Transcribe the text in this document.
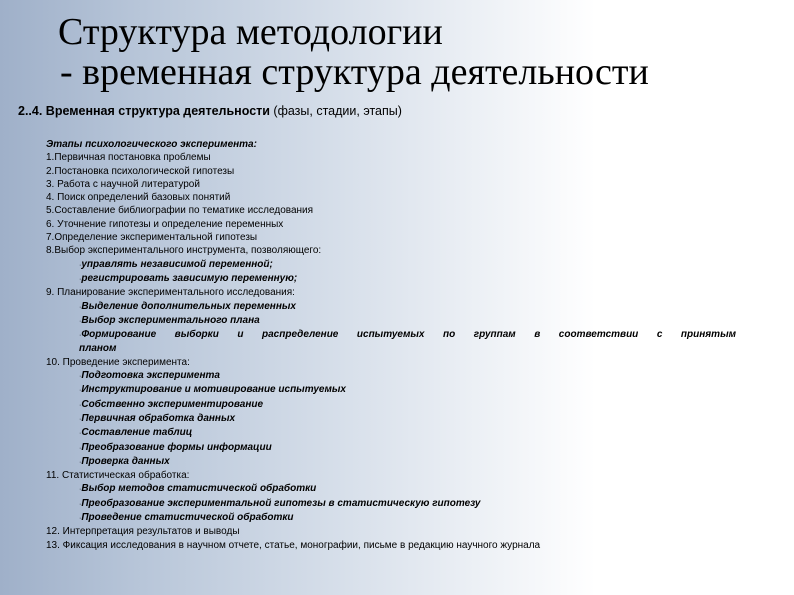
Структура методологии
- временная структура деятельности
2..4. Временная структура деятельности (фазы, стадии, этапы)
Этапы психологического эксперимента:
1.Первичная постановка проблемы
2.Постановка психологической гипотезы
3. Работа с научной литературой
4. Поиск определений базовых понятий
5.Составление библиографии по тематике исследования
6. Уточнение гипотезы и определение переменных
7.Определение экспериментальной гипотезы
8.Выбор экспериментального инструмента, позволяющего:
·управлять независимой переменной;
·регистрировать зависимую переменную;
9. Планирование экспериментального исследования:
·Выделение дополнительных переменных
·Выбор экспериментального плана
·Формирование выборки и распределение испытуемых по группам в соответствии с принятым
планом
10. Проведение эксперимента:
·Подготовка эксперимента
·Инструктирование и мотивирование испытуемых
·Собственно экспериментирование
·Первичная обработка данных
·Составление таблиц
·Преобразование формы информации
·Проверка данных
11. Статистическая обработка:
·Выбор методов статистической обработки
·Преобразование экспериментальной гипотезы в статистическую гипотезу
·Проведение статистической обработки
12. Интерпретация результатов и выводы
13. Фиксация исследования в научном отчете, статье, монографии, письме в редакцию научного журнала
